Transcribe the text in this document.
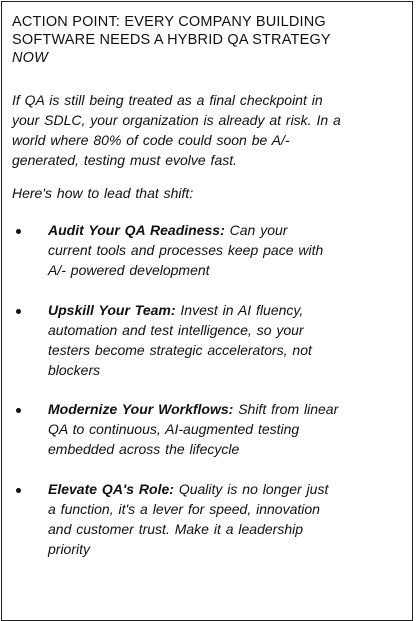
ACTION POINT: EVERY COMPANY BUILDING
SOFTWARE NEEDS A HYBRID QA STRATEGY
NOW

If QA is still being treated as a final checkpoint in
your SDLC, your organization is already at risk. In a
world where 80% of code could soon be A/-
generated, testing must evolve fast.

Here's how to lead that shift:

Audit Your QA Readiness: Can your
current tools and processes keep pace with
A/- powered development
Upskill Your Team: Invest in AI fluency,
automation and test intelligence, so your
testers become strategic accelerators, not
blockers
Modernize Your Workflows: Shift from linear
QA to continuous, AI-augmented testing
embedded across the lifecycle
Elevate QA's Role: Quality is no longer just
a function, it's a lever for speed, innovation
and customer trust. Make it a leadership
priority
